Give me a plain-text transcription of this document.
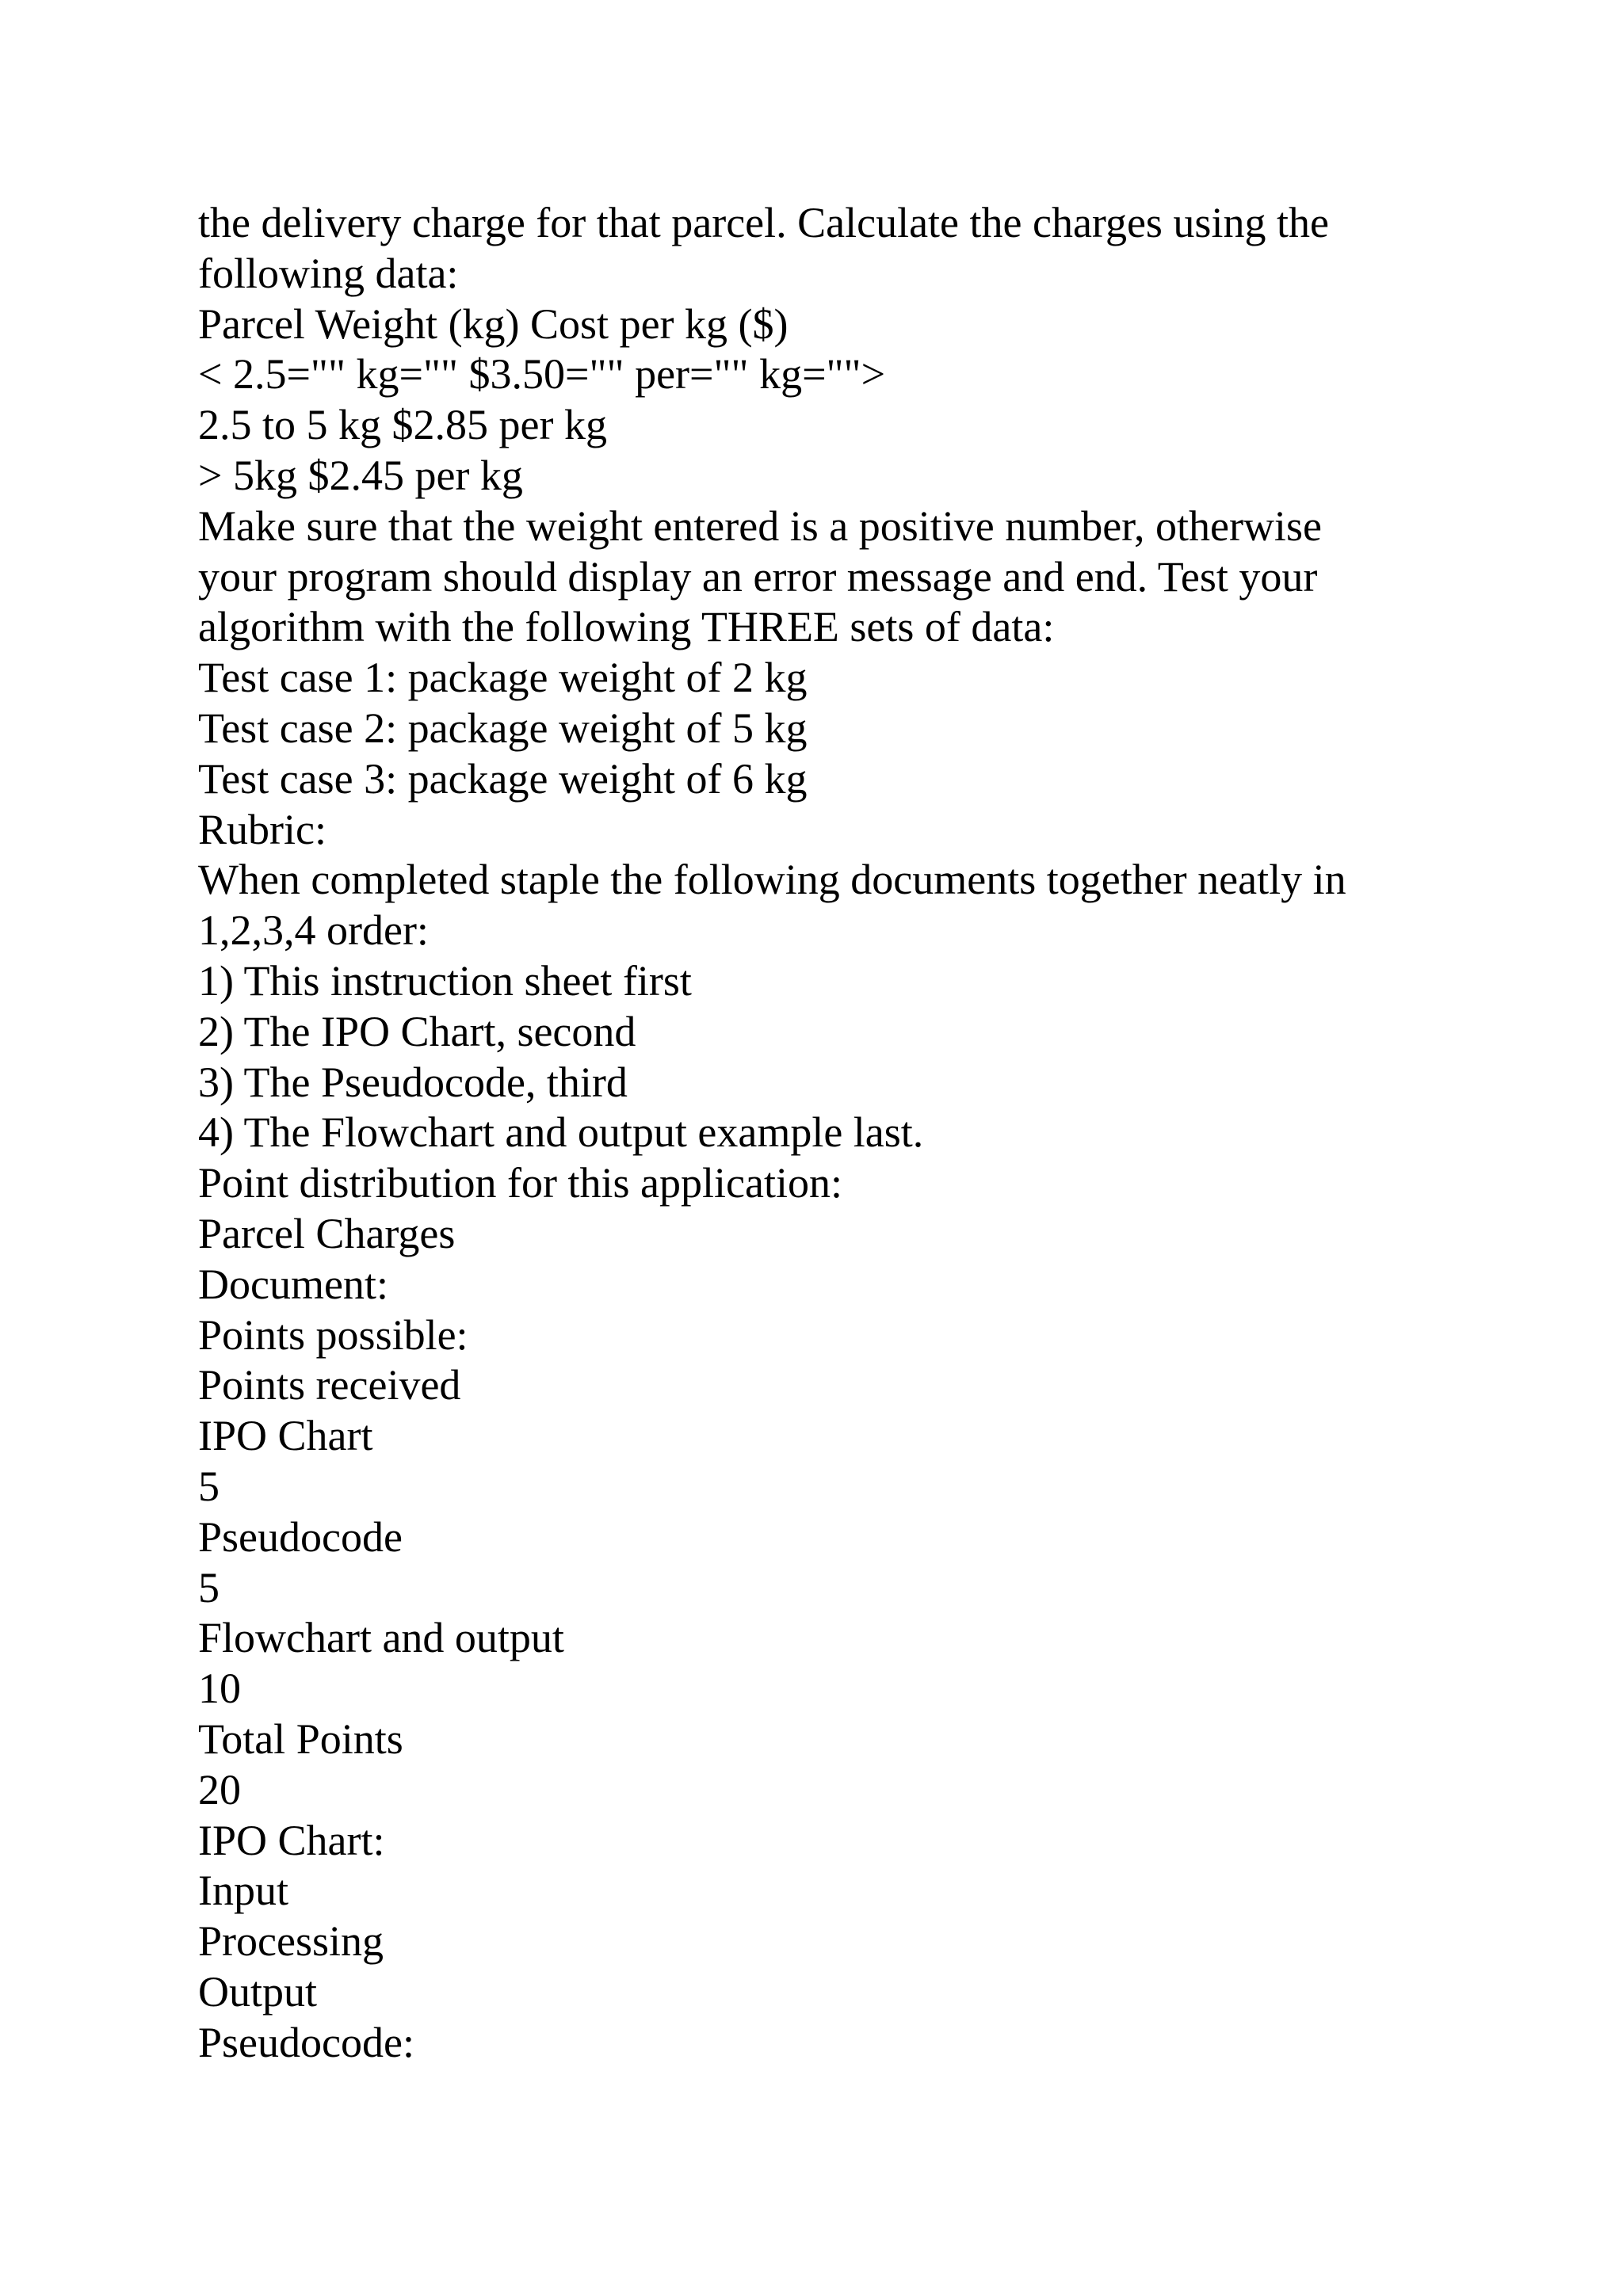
the delivery charge for that parcel. Calculate the charges using the
following data:
Parcel Weight (kg) Cost per kg ($)
< 2.5="" kg="" $3.50="" per="" kg="">
2.5 to 5 kg $2.85 per kg
> 5kg $2.45 per kg
Make sure that the weight entered is a positive number, otherwise
your program should display an error message and end. Test your
algorithm with the following THREE sets of data:
Test case 1: package weight of 2 kg
Test case 2: package weight of 5 kg
Test case 3: package weight of 6 kg
Rubric:
When completed staple the following documents together neatly in
1,2,3,4 order:
1) This instruction sheet first
2) The IPO Chart, second
3) The Pseudocode, third
4) The Flowchart and output example last.
Point distribution for this application:
Parcel Charges
Document:
Points possible:
Points received
IPO Chart
5
Pseudocode
5
Flowchart and output
10
Total Points
20
IPO Chart:
Input
Processing
Output
Pseudocode:
